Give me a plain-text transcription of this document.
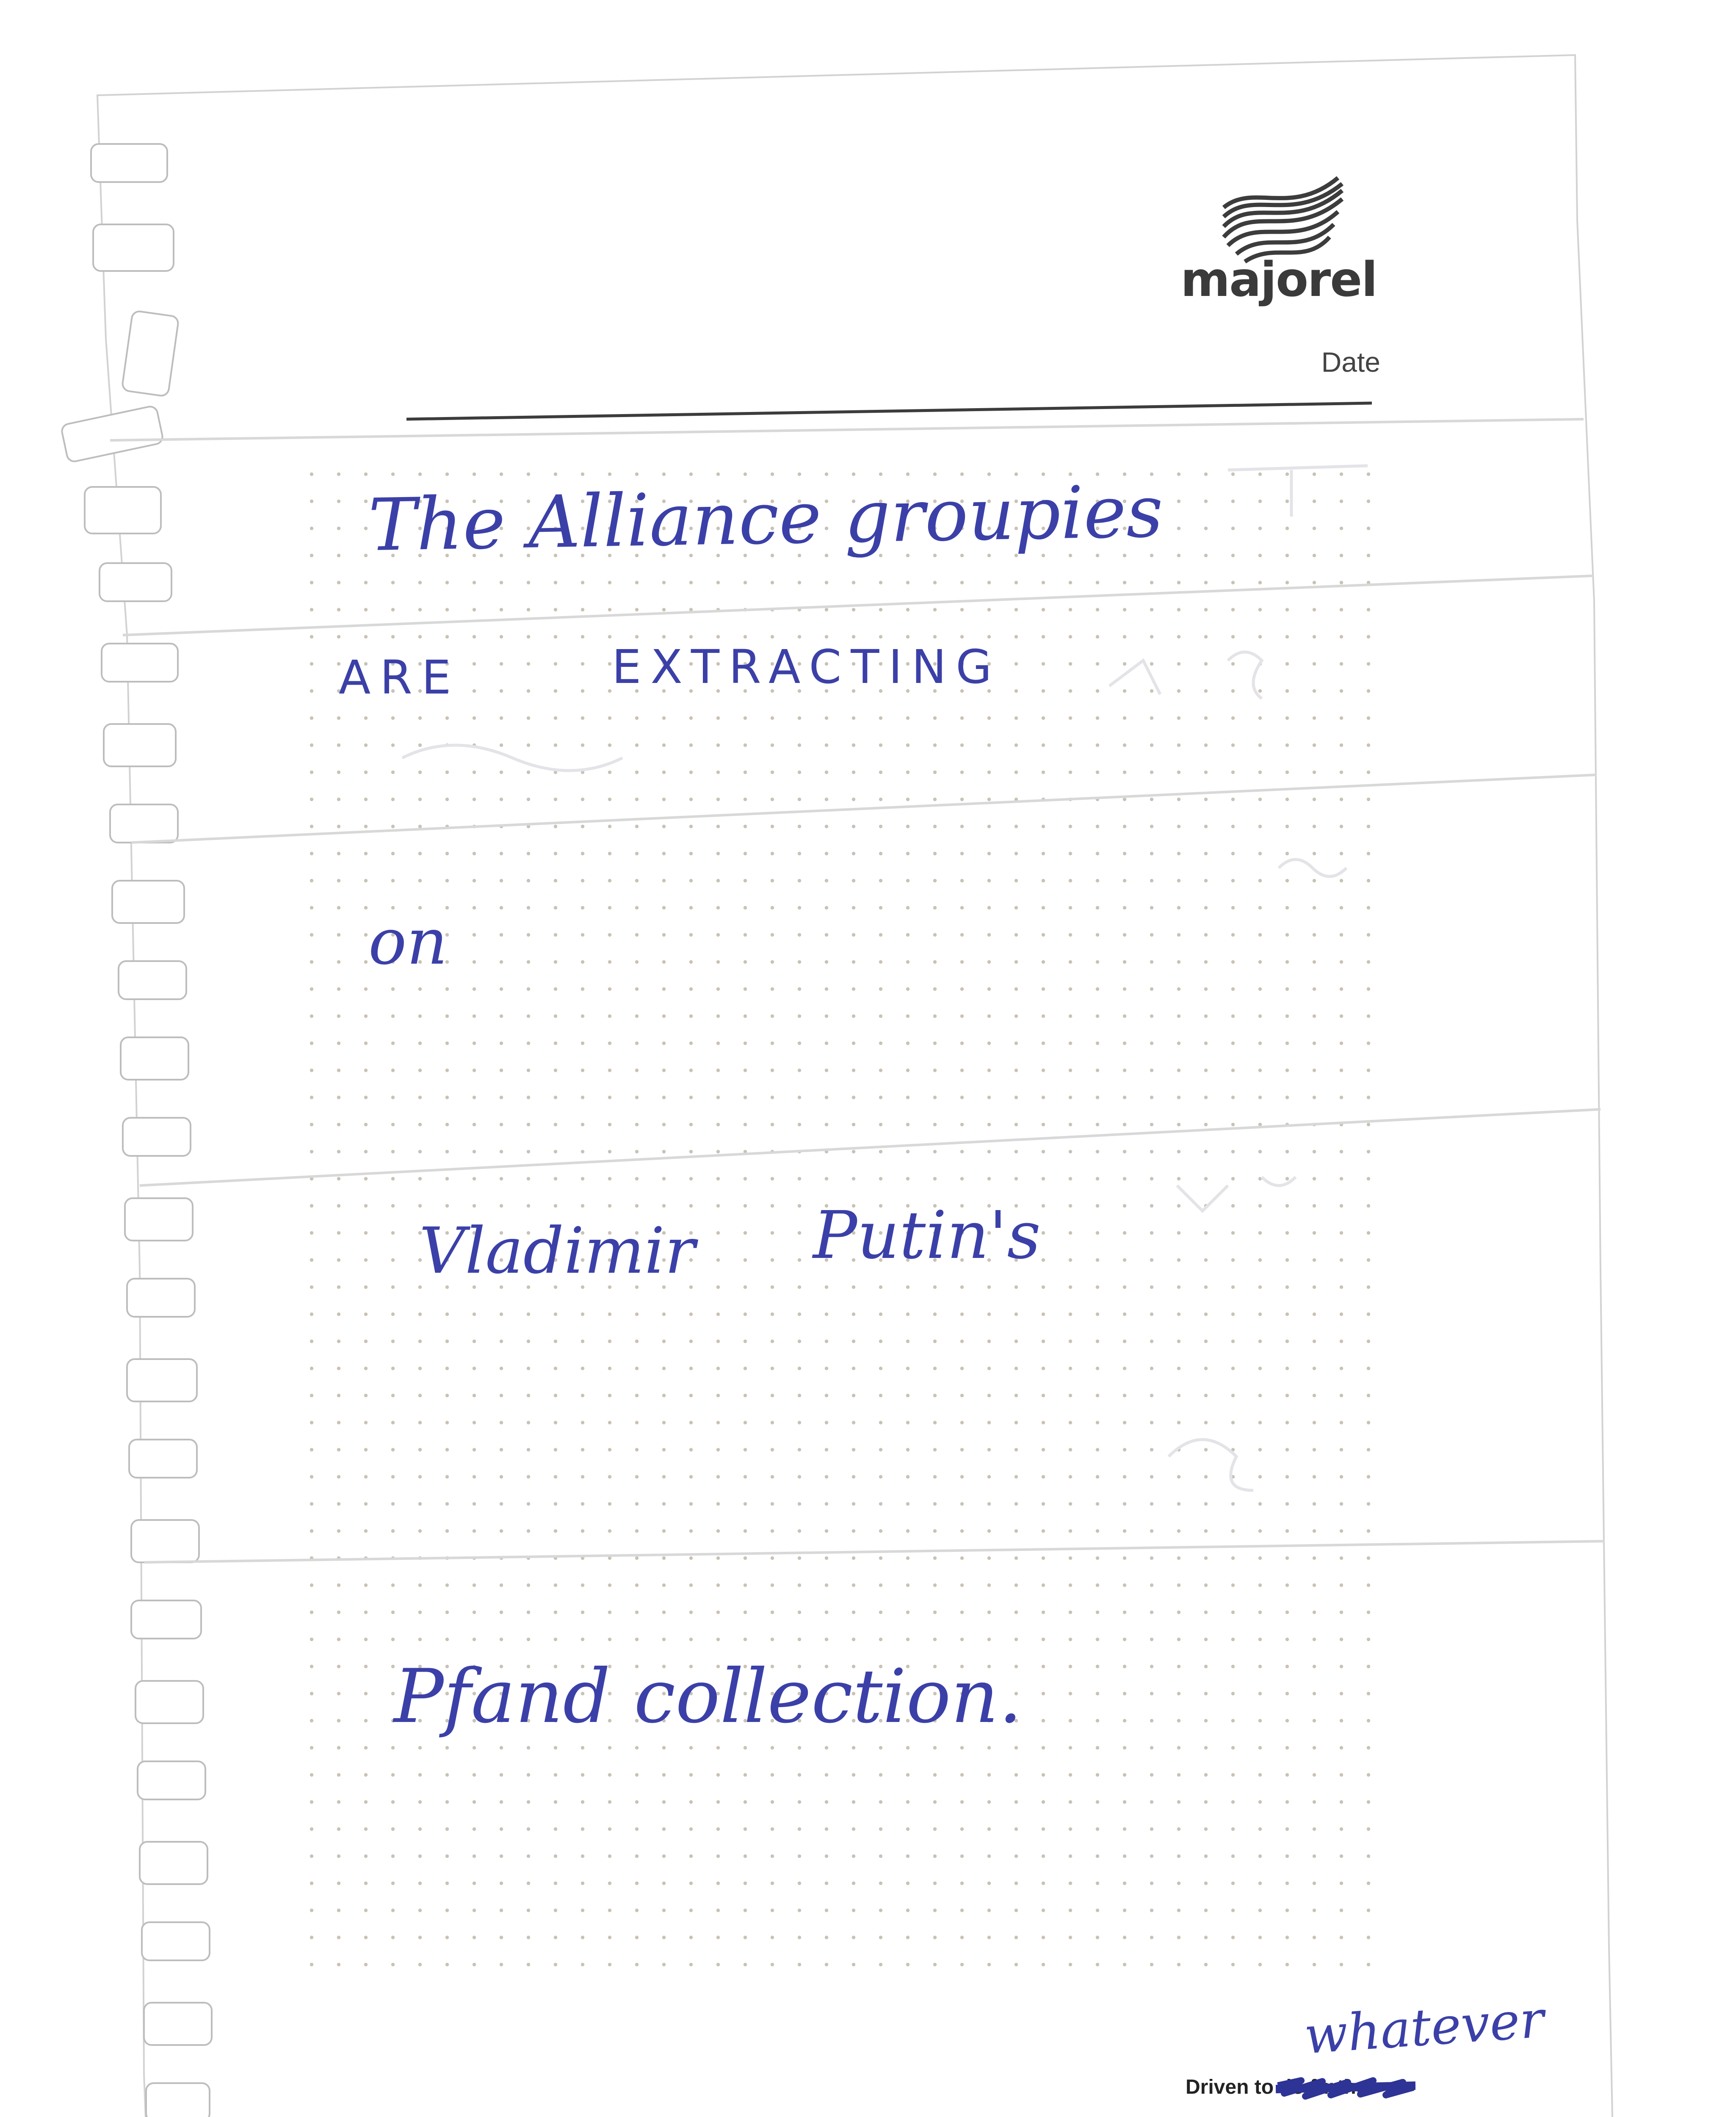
majorel
Date
The Alliance groupies
ARE	EXTRACTING
on
Vladimir Putin's
Pfand collection.
Driven to
whatever
